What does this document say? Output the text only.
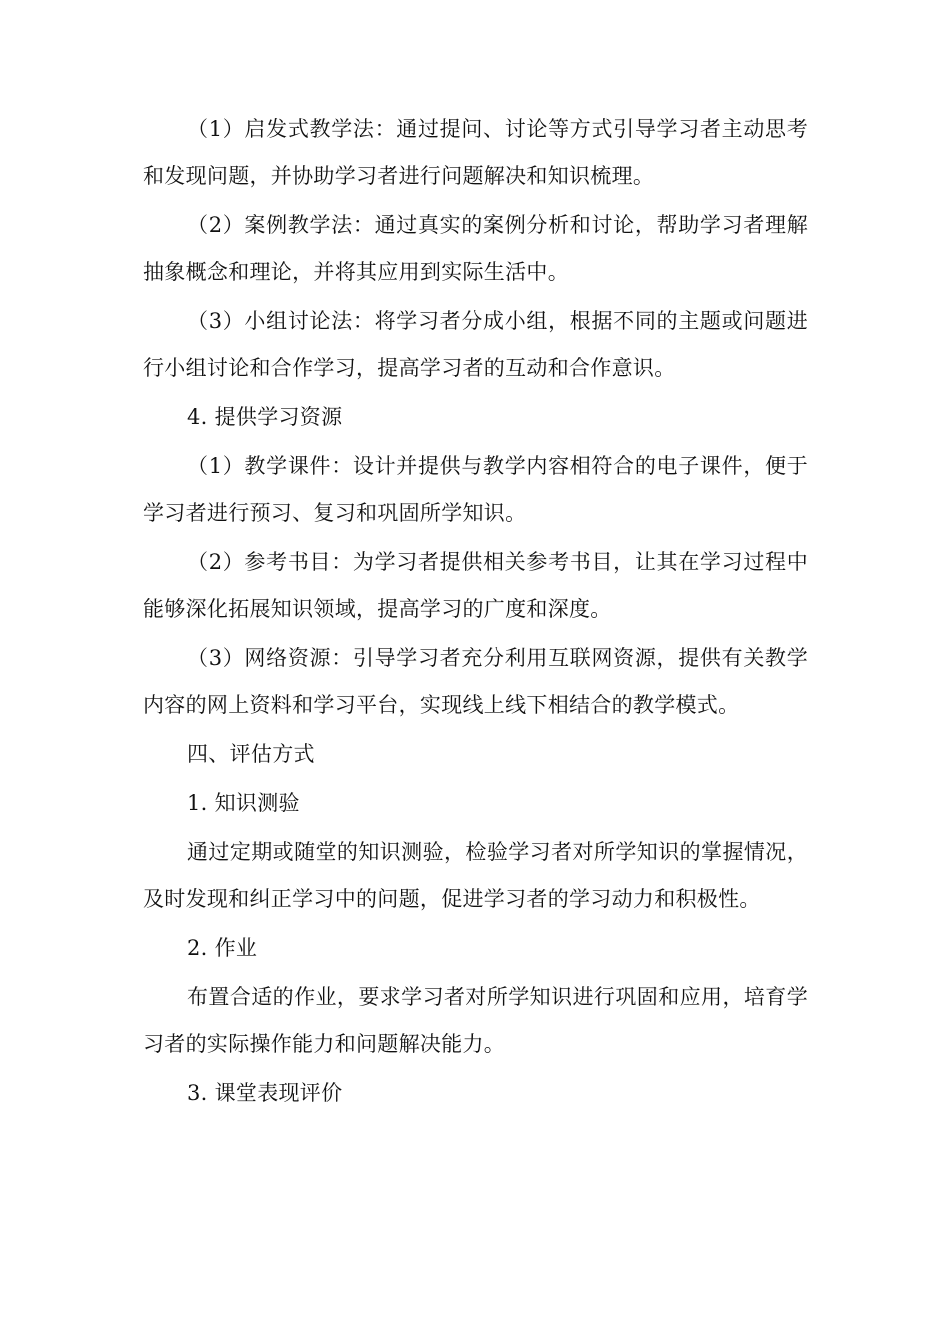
（1）启发式教学法：通过提问、讨论等方式引导学习者主动思考和发现问题，并协助学习者进行问题解决和知识梳理。

（2）案例教学法：通过真实的案例分析和讨论，帮助学习者理解抽象概念和理论，并将其应用到实际生活中。

（3）小组讨论法：将学习者分成小组，根据不同的主题或问题进行小组讨论和合作学习，提高学习者的互动和合作意识。

4. 提供学习资源

（1）教学课件：设计并提供与教学内容相符合的电子课件，便于学习者进行预习、复习和巩固所学知识。

（2）参考书目：为学习者提供相关参考书目，让其在学习过程中能够深化拓展知识领域，提高学习的广度和深度。

（3）网络资源：引导学习者充分利用互联网资源，提供有关教学内容的网上资料和学习平台，实现线上线下相结合的教学模式。

四、评估方式

1. 知识测验

通过定期或随堂的知识测验，检验学习者对所学知识的掌握情况，及时发现和纠正学习中的问题，促进学习者的学习动力和积极性。

2. 作业

布置合适的作业，要求学习者对所学知识进行巩固和应用，培育学习者的实际操作能力和问题解决能力。

3. 课堂表现评价
